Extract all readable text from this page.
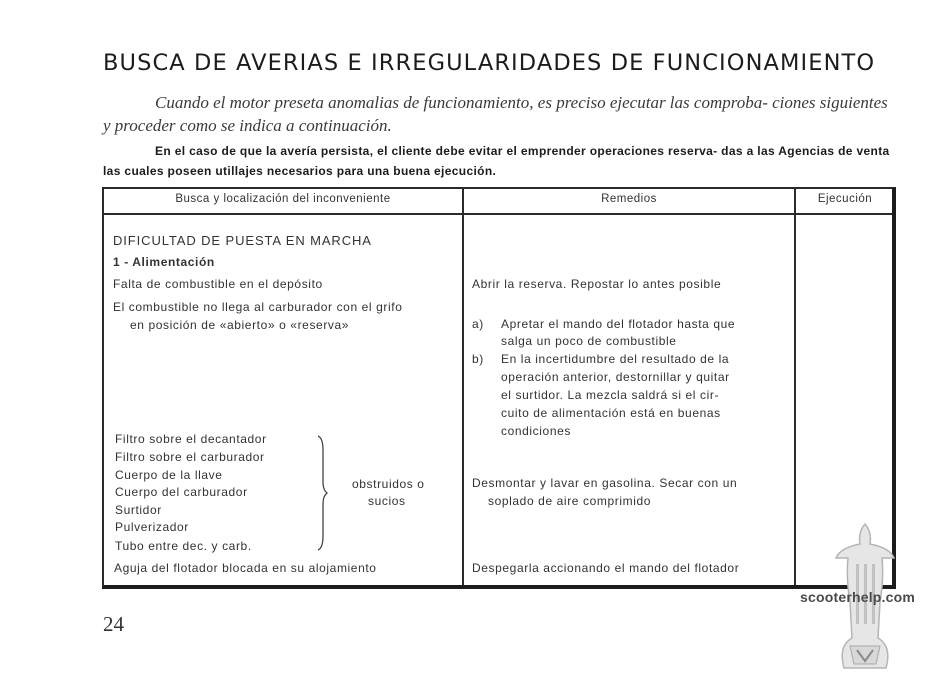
BUSCA DE AVERIAS E IRREGULARIDADES DE FUNCIONAMIENTO
Cuando el motor preseta anomalias de funcionamiento, es preciso ejecutar las comproba- ciones siguientes y proceder como se indica a continuación.
En el caso de que la avería persista, el cliente debe evitar el emprender operaciones reserva- das a las Agencias de venta las cuales poseen utillajes necesarios para una buena ejecución.
Busca y localización del inconveniente	Remedios	Ejecución
DIFICULTAD DE PUESTA EN MARCHA
1 - Alimentación
Falta de combustible en el depósito
El combustible no llega al carburador con el grifo
en posición de «abierto» o «reserva»
Filtro sobre el decantador
Filtro sobre el carburador
Cuerpo de la llave
Cuerpo del carburador
Surtidor
Pulverizador
Tubo entre dec. y carb.
obstruidos o
sucios
Aguja del flotador blocada en su alojamiento
Abrir la reserva. Repostar lo antes posible
a) Apretar el mando del flotador hasta que
salga un poco de combustible
b) En la incertidumbre del resultado de la
operación anterior, destornillar y quitar
el surtidor. La mezcla saldrá si el cir-
cuito de alimentación está en buenas
condiciones
Desmontar y lavar en gasolina. Secar con un
soplado de aire comprimido
Despegarla accionando el mando del flotador
24
scooterhelp.com
